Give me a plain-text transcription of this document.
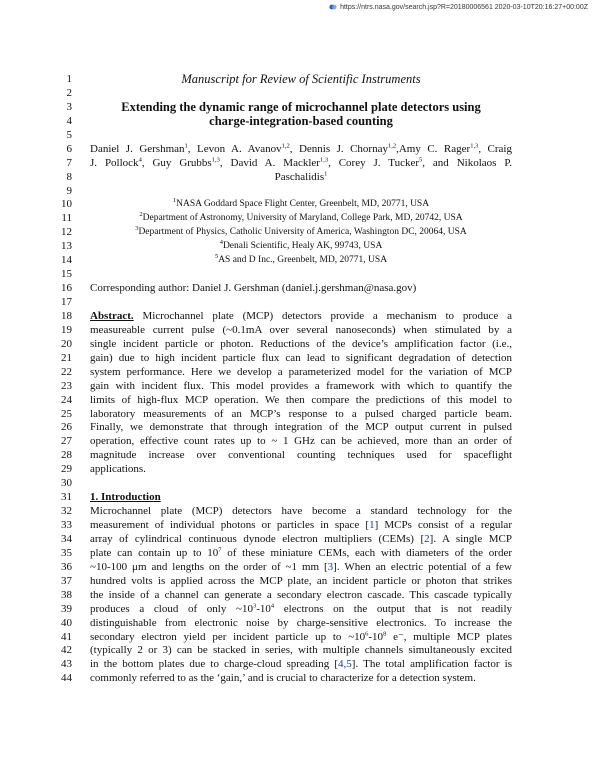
https://ntrs.nasa.gov/search.jsp?R=20180006561 2020-03-10T20:16:27+00:00Z
1	Manuscript for Review of Scientific Instruments
2
3	Extending the dynamic range of microchannel plate detectors using
4	charge-integration-based counting
5
6 Daniel J. Gershman$^1$, Levon A. Avanov$^{1,2}$, Dennis J. Chornay$^{1,2}$,Amy C. Rager$^{1,3}$, Craig
7 J. Pollock$^4$, Guy Grubbs$^{1,3}$, David A. Mackler$^{1,3}$, Corey J. Tucker$^5$, and Nikolaos P.
8	Paschalidis$^1$
9
10	$^1$NASA Goddard Space Flight Center, Greenbelt, MD, 20771, USA
11	$^2$Department of Astronomy, University of Maryland, College Park, MD, 20742, USA
12	$^3$Department of Physics, Catholic University of America, Washington DC, 20064, USA
13	$^4$Denali Scientific, Healy AK, 99743, USA
14	$^5$AS and D Inc., Greenbelt, MD, 20771, USA
15
16 Corresponding author: Daniel J. Gershman (daniel.j.gershman@nasa.gov)
17
18 Abstract. Microchannel plate (MCP) detectors provide a mechanism to produce a
19 measureable current pulse (~0.1mA over several nanoseconds) when stimulated by a
20 single incident particle or photon. Reductions of the device’s amplification factor (i.e.,
21 gain) due to high incident particle flux can lead to significant degradation of detection
22 system performance. Here we develop a parameterized model for the variation of MCP
23 gain with incident flux. This model provides a framework with which to quantify the
24 limits of high-flux MCP operation. We then compare the predictions of this model to
25 laboratory measurements of an MCP’s response to a pulsed charged particle beam.
26 Finally, we demonstrate that through integration of the MCP output current in pulsed
27 operation, effective count rates up to ~ 1 GHz can be achieved, more than an order of
28 magnitude increase over conventional counting techniques used for spaceflight
29 applications.
30
31 1. Introduction
32 Microchannel plate (MCP) detectors have become a standard technology for the
33 measurement of individual photons or particles in space [1] MCPs consist of a regular
34 array of cylindrical continuous dynode electron multipliers (CEMs) [2]. A single MCP
35 plate can contain up to $10^7$ of these miniature CEMs, each with diameters of the order
36 ~10-100 μm and lengths on the order of ~1 mm [3]. When an electric potential of a few
37 hundred volts is applied across the MCP plate, an incident particle or photon that strikes
38 the inside of a channel can generate a secondary electron cascade. This cascade typically
39 produces a cloud of only $\sim 10^3-10^4$ electrons on the output that is not readily
40 distinguishable from electronic noise by charge-sensitive electronics. To increase the
41 secondary electron yield per incident particle up to $\sim 10^6-10^8$ e⁻, multiple MCP plates
42 (typically 2 or 3) can be stacked in series, with multiple channels simultaneously excited
43 in the bottom plates due to charge-cloud spreading [4,5]. The total amplification factor is
44 commonly referred to as the ‘gain,’ and is crucial to characterize for a detection system.
